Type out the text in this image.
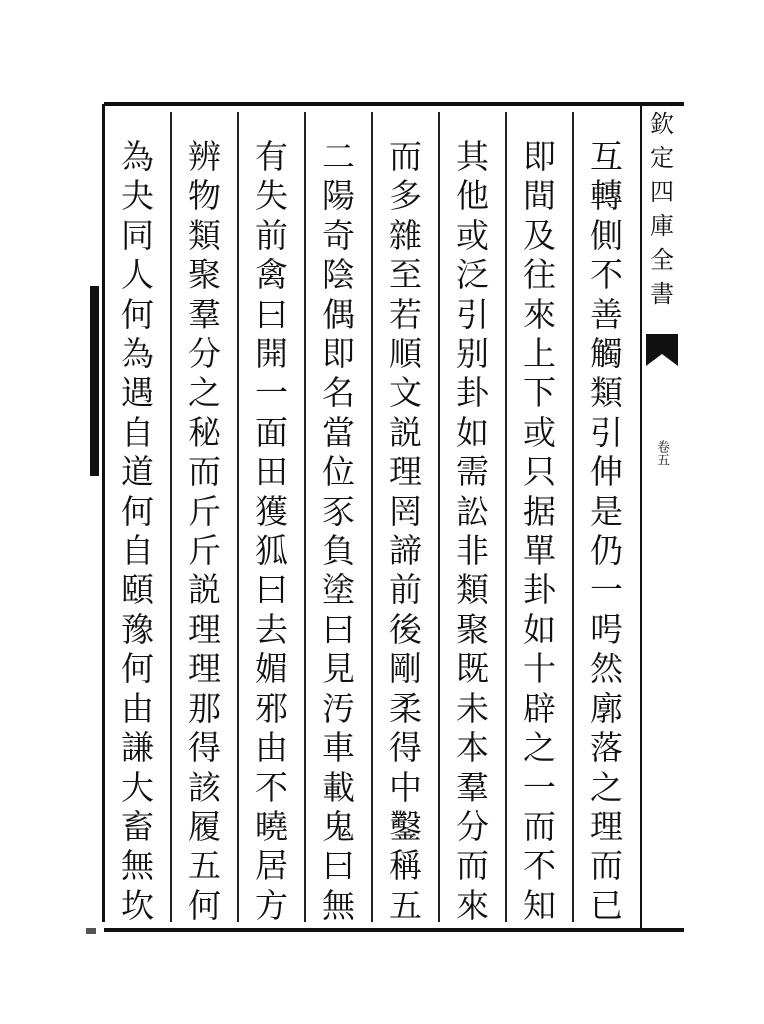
互
轉
側
不
善
觸
類
引
伸
是
仍
一
呺
然
廓
落
之
理
而
已
即
間
及
往
來
上
下
或
只
据
單
卦
如
十
辟
之
一
而
不
知
其
他
或
泛
引
别
卦
如
需
訟
非
類
聚
既
未
本
羣
分
而
來
而
多
雜
至
若
順
文
説
理
罔
諦
前
後
剛
柔
得
中
鑿
稱
五
二
陽
奇
陰
偶
即
名
當
位
豕
負
塗
曰
見
汚
車
載
鬼
曰
無
有
失
前
禽
曰
開
一
面
田
獲
狐
曰
去
媚
邪
由
不
曉
居
方
辨
物
類
聚
羣
分
之
秘
而
斤
斤
説
理
理
那
得
該
履
五
何
為
夬
同
人
何
為
遇
自
道
何
自
頤
豫
何
由
謙
大
畜
無
坎
欽
定
四
庫
全
書
卷五
